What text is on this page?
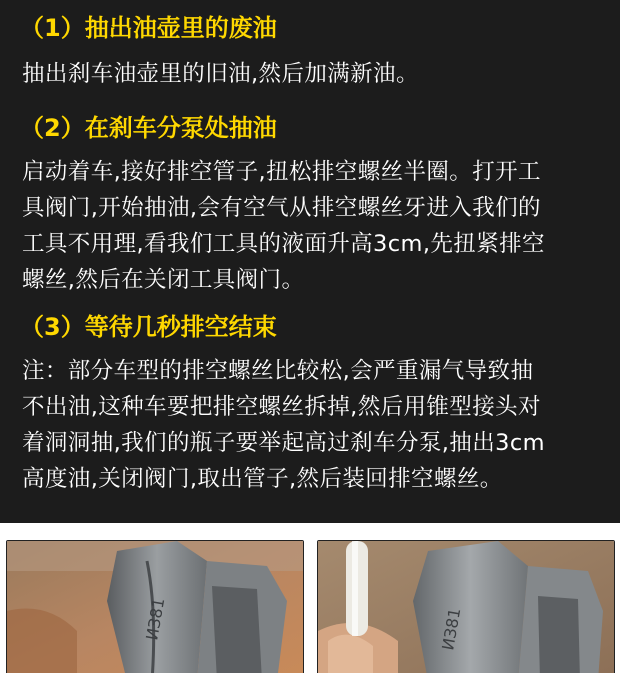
（1）抽出油壶里的废油
抽出刹车油壶里的旧油,然后加满新油。
（2）在刹车分泵处抽油
启动着车,接好排空管子,扭松排空螺丝半圈。打开工
具阀门,开始抽油,会有空气从排空螺丝牙进入我们的
工具不用理,看我们工具的液面升高3cm,先扭紧排空
螺丝,然后在关闭工具阀门。
（3）等待几秒排空结束
注：部分车型的排空螺丝比较松,会严重漏气导致抽
不出油,这种车要把排空螺丝拆掉,然后用锥型接头对
着洞洞抽,我们的瓶子要举起高过刹车分泵,抽出3cm
高度油,关闭阀门,取出管子,然后装回排空螺丝。
ИЗ81	ИЗ81
